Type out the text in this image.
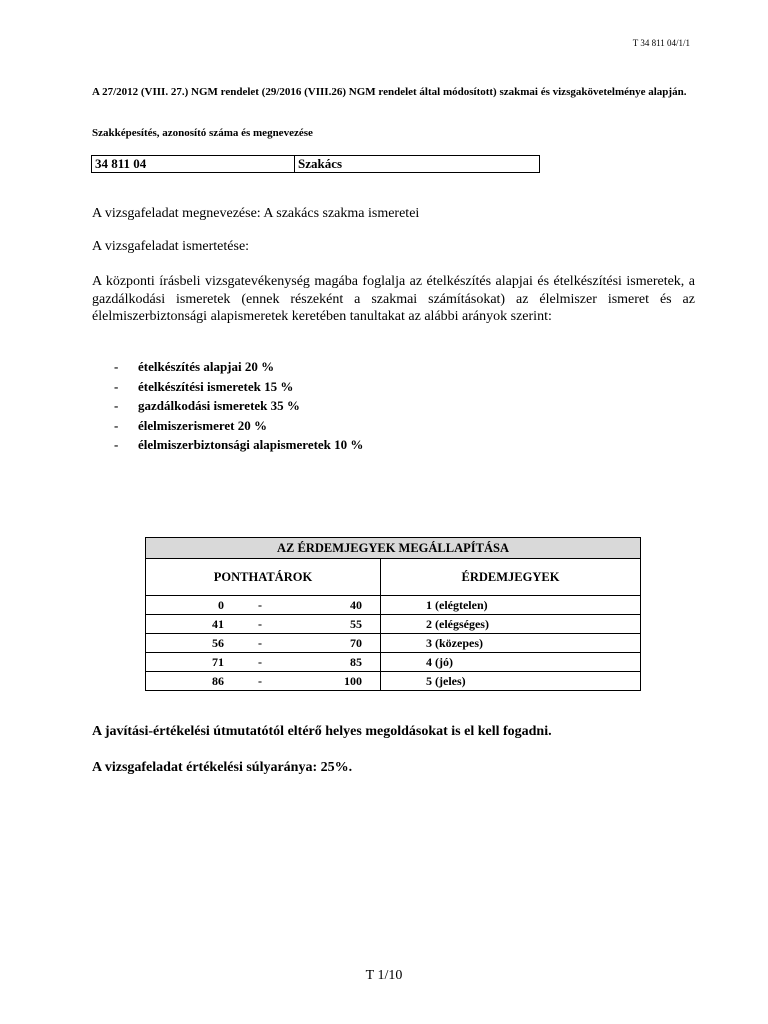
T 34 811 04/1/1
A 27/2012 (VIII. 27.) NGM rendelet (29/2016 (VIII.26) NGM rendelet által módosított) szakmai és vizsgakövetelménye alapján.
Szakképesítés, azonosító száma és megnevezése
34 811 04	Szakács
A vizsgafeladat megnevezése: A szakács szakma ismeretei
A vizsgafeladat ismertetése:
A központi írásbeli vizsgatevékenység magába foglalja az ételkészítés alapjai és ételkészítési ismeretek, a gazdálkodási ismeretek (ennek részeként a szakmai számításokat) az élelmiszer ismeret és az élelmiszerbiztonsági alapismeretek keretében tanultakat az alábbi arányok szerint:
- ételkészítés alapjai 20 %
- ételkészítési ismeretek 15 %
- gazdálkodási ismeretek 35 %
- élelmiszerismeret 20 %
- élelmiszerbiztonsági alapismeretek 10 %
AZ ÉRDEMJEGYEK MEGÁLLAPÍTÁSA	
PONTHATÁROK	ÉRDEMJEGYEK

0 - 40	1 (elégtelen)

41 - 55	2 (elégséges)

56 - 70	3 (közepes)

71 - 85	4 (jó)

86 - 100	5 (jeles)
A javítási-értékelési útmutatótól eltérő helyes megoldásokat is el kell fogadni.
A vizsgafeladat értékelési súlyaránya: 25%.
T 1/10
